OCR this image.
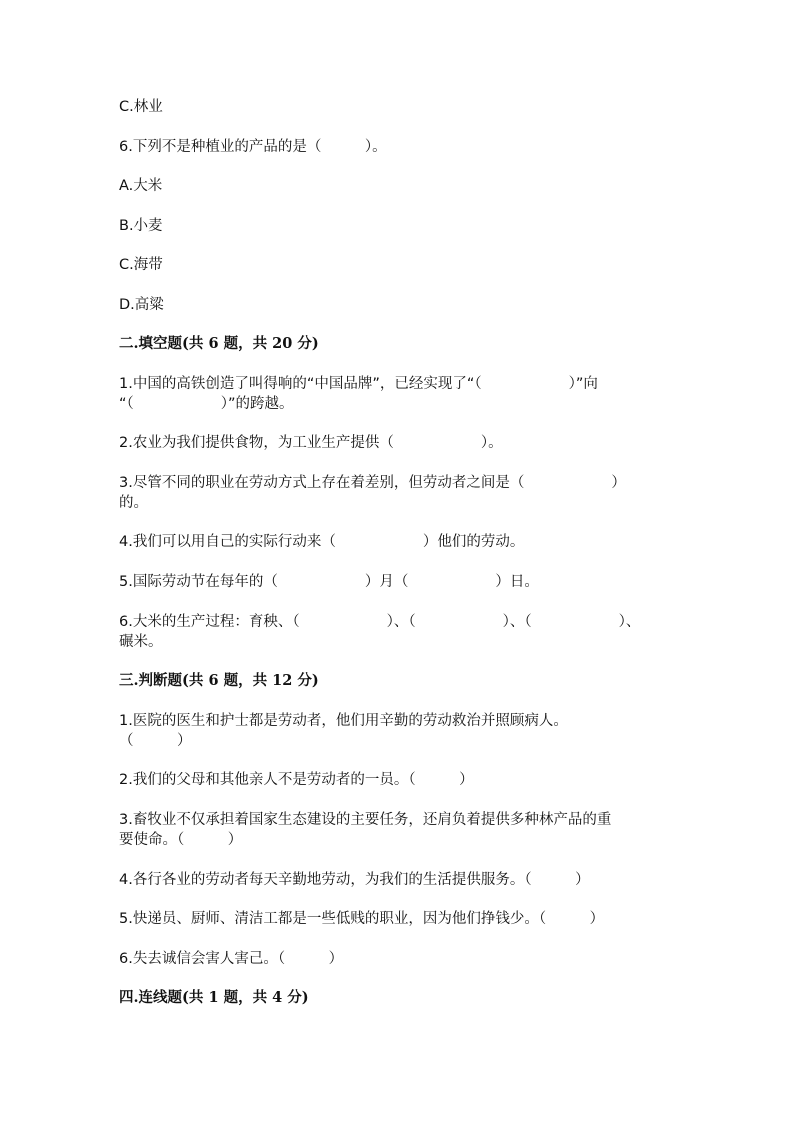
C.林业
6.下列不是种植业的产品的是（　　　）。
A.大米
B.小麦
C.海带
D.高粱
二.填空题(共 6 题，共 20 分)
1.中国的高铁创造了叫得响的“中国品牌”，已经实现了“（　　　　　　）”向
“（　　　　　　）”的跨越。
2.农业为我们提供食物，为工业生产提供（　　　　　　）。
3.尽管不同的职业在劳动方式上存在着差别，但劳动者之间是（　　　　　　）
的。
4.我们可以用自己的实际行动来（　　　　　　）他们的劳动。
5.国际劳动节在每年的（　　　　　　）月（　　　　　　）日。
6.大米的生产过程：育秧、（　　　　　　）、（　　　　　　）、（　　　　　　）、
碾米。
三.判断题(共 6 题，共 12 分)
1.医院的医生和护士都是劳动者，他们用辛勤的劳动救治并照顾病人。
（　　　）
2.我们的父母和其他亲人不是劳动者的一员。（　　　）
3.畜牧业不仅承担着国家生态建设的主要任务，还肩负着提供多种林产品的重
要使命。（　　　）
4.各行各业的劳动者每天辛勤地劳动，为我们的生活提供服务。（　　　）
5.快递员、厨师、清洁工都是一些低贱的职业，因为他们挣钱少。（　　　）
6.失去诚信会害人害己。（　　　）
四.连线题(共 1 题，共 4 分)
